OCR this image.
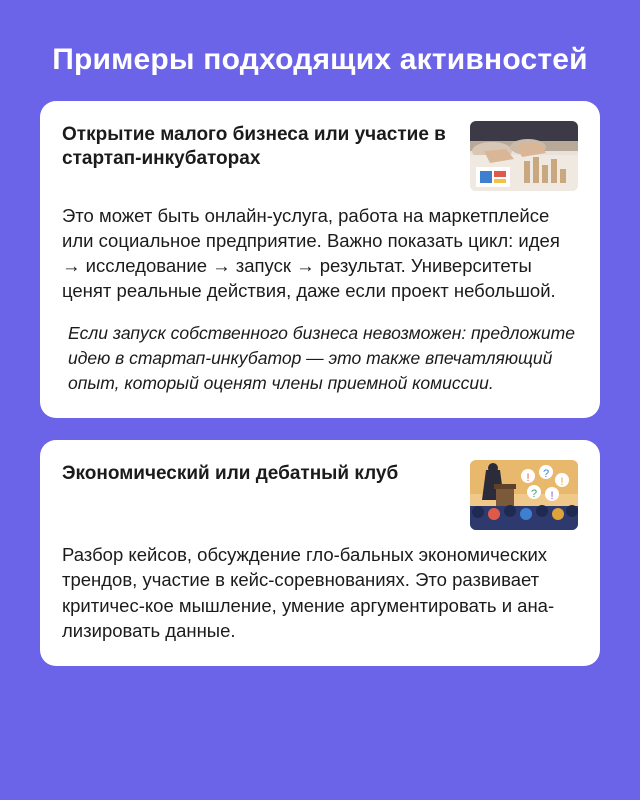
Примеры подходящих активностей
Открытие малого бизнеса или участие в стартап-инкубаторах

Это может быть онлайн-услуга, работа на маркетплейсе или социальное предприятие. Важно показать цикл: идея → исследование → запуск → результат. Университеты ценят реальные действия, даже если проект небольшой.

Если запуск собственного бизнеса невозможен: предложите идею в стартап-инкубатор — это также впечатляющий опыт, который оценят члены приемной комиссии.
Экономический или дебатный клуб	! ?
!
? !

Разбор кейсов, обсуждение гло-бальных экономических трендов, участие в кейс-соревнованиях. Это развивает критичес-кое мышление, умение аргументировать и ана-лизировать данные.
